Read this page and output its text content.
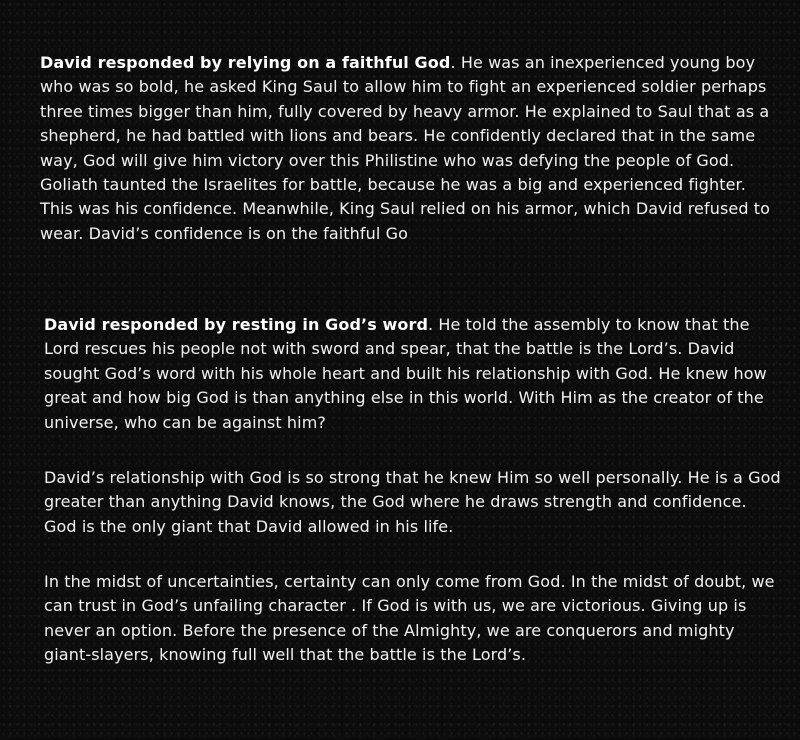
David responded by relying on a faithful God. He was an inexperienced young boy who was so bold, he asked King Saul to allow him to fight an experienced soldier perhaps three times bigger than him, fully covered by heavy armor. He explained to Saul that as a shepherd, he had battled with lions and bears. He confidently declared that in the same way, God will give him victory over this Philistine who was defying the people of God. Goliath taunted the Israelites for battle, because he was a big and experienced fighter. This was his confidence. Meanwhile, King Saul relied on his armor, which David refused to wear. David’s confidence is on the faithful Go

David responded by resting in God’s word. He told the assembly to know that the Lord rescues his people not with sword and spear, that the battle is the Lord’s. David sought God’s word with his whole heart and built his relationship with God. He knew how great and how big God is than anything else in this world. With Him as the creator of the universe, who can be against him?

David’s relationship with God is so strong that he knew Him so well personally. He is a God greater than anything David knows, the God where he draws strength and confidence. God is the only giant that David allowed in his life.

In the midst of uncertainties, certainty can only come from God. In the midst of doubt, we can trust in God’s unfailing character . If God is with us, we are victorious. Giving up is never an option. Before the presence of the Almighty, we are conquerors and mighty giant-slayers, knowing full well that the battle is the Lord’s.
